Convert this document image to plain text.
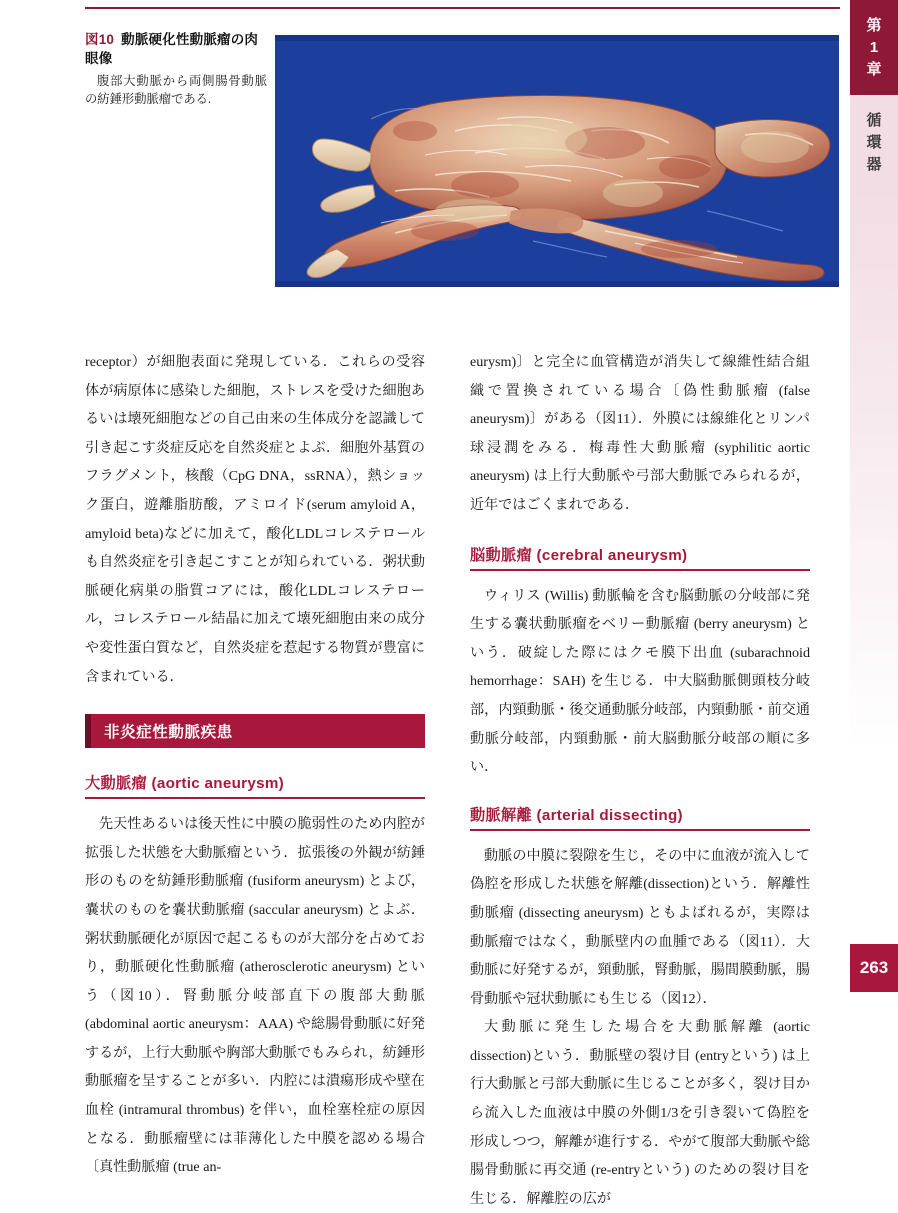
図10 動脈硬化性動脈瘤の肉眼像
腹部大動脈から両側腸骨動脈の紡錘形動脈瘤である.

receptor）が細胞表面に発現している．これらの受容体が病原体に感染した細胞，ストレスを受けた細胞あるいは壊死細胞などの自己由来の生体成分を認識して引き起こす炎症反応を自然炎症とよぶ．細胞外基質のフラグメント，核酸（CpG DNA，ssRNA），熱ショック蛋白，遊離脂肪酸，アミロイド(serum amyloid A，amyloid beta)などに加えて，酸化LDLコレステロールも自然炎症を引き起こすことが知られている．粥状動脈硬化病巣の脂質コアには，酸化LDLコレステロール，コレステロール結晶に加えて壊死細胞由来の成分や変性蛋白質など，自然炎症を惹起する物質が豊富に含まれている．

非炎症性動脈疾患
大動脈瘤 (aortic aneurysm)

先天性あるいは後天性に中膜の脆弱性のため内腔が拡張した状態を大動脈瘤という．拡張後の外観が紡錘形のものを紡錘形動脈瘤 (fusiform aneurysm) とよび，嚢状のものを嚢状動脈瘤 (saccular aneurysm) とよぶ．粥状動脈硬化が原因で起こるものが大部分を占めており，動脈硬化性動脈瘤 (atherosclerotic aneurysm) という（図10）．腎動脈分岐部直下の腹部大動脈 (abdominal aortic aneurysm：AAA) や総腸骨動脈に好発するが，上行大動脈や胸部大動脈でもみられ，紡錘形動脈瘤を呈することが多い．内腔には潰瘍形成や壁在血栓 (intramural thrombus) を伴い，血栓塞栓症の原因となる．動脈瘤壁には菲薄化した中膜を認める場合〔真性動脈瘤 (true an-

eurysm)〕と完全に血管構造が消失して線維性結合組織で置換されている場合〔偽性動脈瘤 (false aneurysm)〕がある（図11）．外膜には線維化とリンパ球浸潤をみる．梅毒性大動脈瘤 (syphilitic aortic aneurysm) は上行大動脈や弓部大動脈でみられるが，近年ではごくまれである．

脳動脈瘤 (cerebral aneurysm)

ウィリス (Willis) 動脈輪を含む脳動脈の分岐部に発生する嚢状動脈瘤をベリー動脈瘤 (berry aneurysm) という．破綻した際にはクモ膜下出血 (subarachnoid hemorrhage：SAH) を生じる．中大脳動脈側頭枝分岐部，内頸動脈・後交通動脈分岐部，内頸動脈・前交通動脈分岐部，内頸動脈・前大脳動脈分岐部の順に多い．

動脈解離 (arterial dissecting)

動脈の中膜に裂隙を生じ，その中に血液が流入して偽腔を形成した状態を解離(dissection)という．解離性動脈瘤 (dissecting aneurysm) ともよばれるが，実際は動脈瘤ではなく，動脈壁内の血腫である（図11）．大動脈に好発するが，頸動脈，腎動脈，腸間膜動脈，腸骨動脈や冠状動脈にも生じる（図12）．

大動脈に発生した場合を大動脈解離 (aortic dissection)という．動脈壁の裂け目 (entryという) は上行大動脈と弓部大動脈に生じることが多く，裂け目から流入した血液は中膜の外側1/3を引き裂いて偽腔を形成しつつ，解離が進行する．やがて腹部大動脈や総腸骨動脈に再交通 (re-entryという) のための裂け目を生じる．解離腔の広が

第
1
章
循
環
器
263
